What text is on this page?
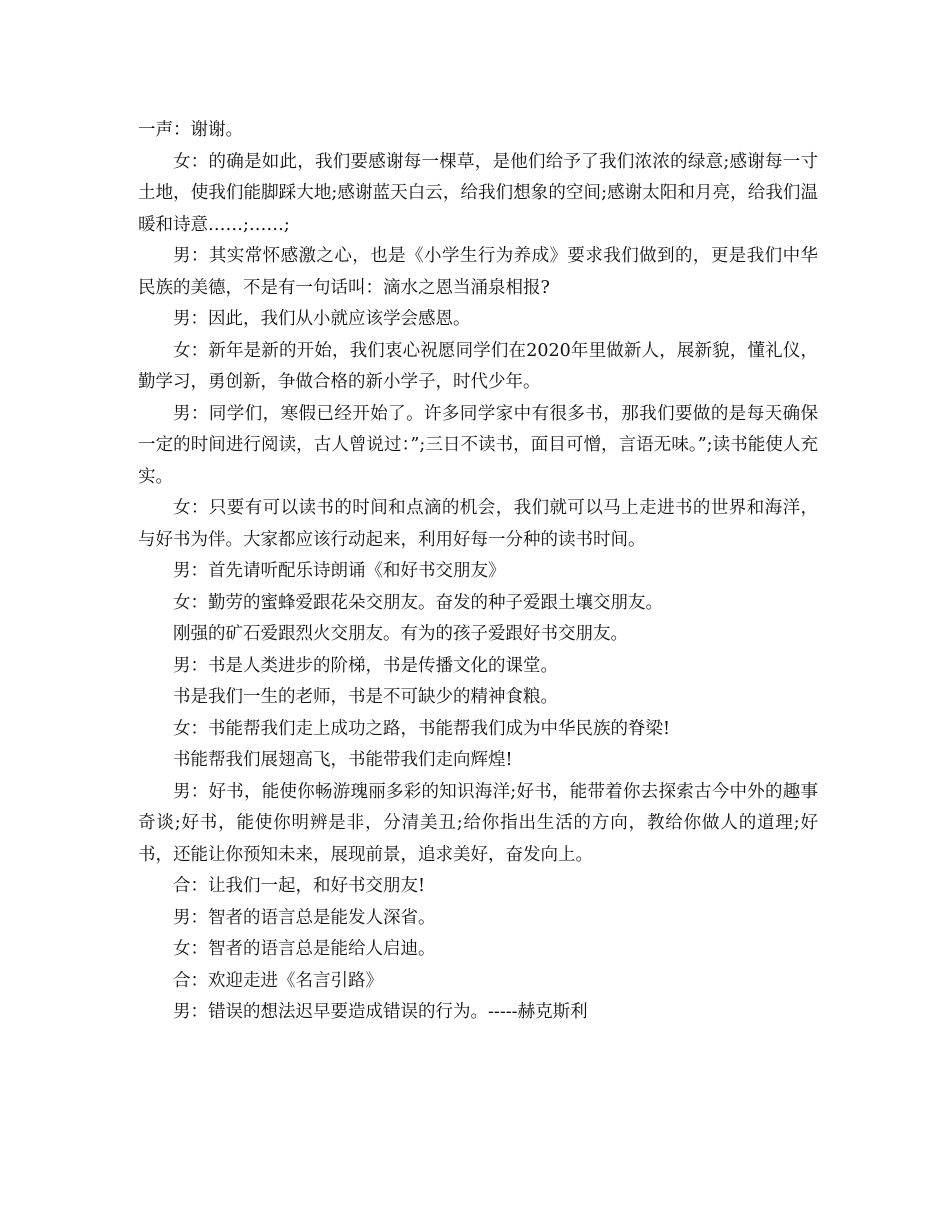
一声：谢谢。

女：的确是如此，我们要感谢每一棵草，是他们给予了我们浓浓的绿意;感谢每一寸土地，使我们能脚踩大地;感谢蓝天白云，给我们想象的空间;感谢太阳和月亮，给我们温暖和诗意……;……;

男：其实常怀感激之心，也是《小学生行为养成》要求我们做到的，更是我们中华民族的美德，不是有一句话叫：滴水之恩当涌泉相报?

男：因此，我们从小就应该学会感恩。

女：新年是新的开始，我们衷心祝愿同学们在2020年里做新人，展新貌，懂礼仪，勤学习，勇创新，争做合格的新小学子，时代少年。

男：同学们，寒假已经开始了。许多同学家中有很多书，那我们要做的是每天确保一定的时间进行阅读，古人曾说过：”;三日不读书，面目可憎，言语无味。”;读书能使人充实。

女：只要有可以读书的时间和点滴的机会，我们就可以马上走进书的世界和海洋，与好书为伴。大家都应该行动起来，利用好每一分种的读书时间。

男：首先请听配乐诗朗诵《和好书交朋友》

女：勤劳的蜜蜂爱跟花朵交朋友。奋发的种子爱跟土壤交朋友。

刚强的矿石爱跟烈火交朋友。有为的孩子爱跟好书交朋友。

男：书是人类进步的阶梯，书是传播文化的课堂。

书是我们一生的老师，书是不可缺少的精神食粮。

女：书能帮我们走上成功之路，书能帮我们成为中华民族的脊梁!

书能帮我们展翅高飞，书能带我们走向辉煌!

男：好书，能使你畅游瑰丽多彩的知识海洋;好书，能带着你去探索古今中外的趣事奇谈;好书，能使你明辨是非，分清美丑;给你指出生活的方向，教给你做人的道理;好书，还能让你预知未来，展现前景，追求美好，奋发向上。

合：让我们一起，和好书交朋友!

男：智者的语言总是能发人深省。

女：智者的语言总是能给人启迪。

合：欢迎走进《名言引路》

男：错误的想法迟早要造成错误的行为。-----赫克斯利
